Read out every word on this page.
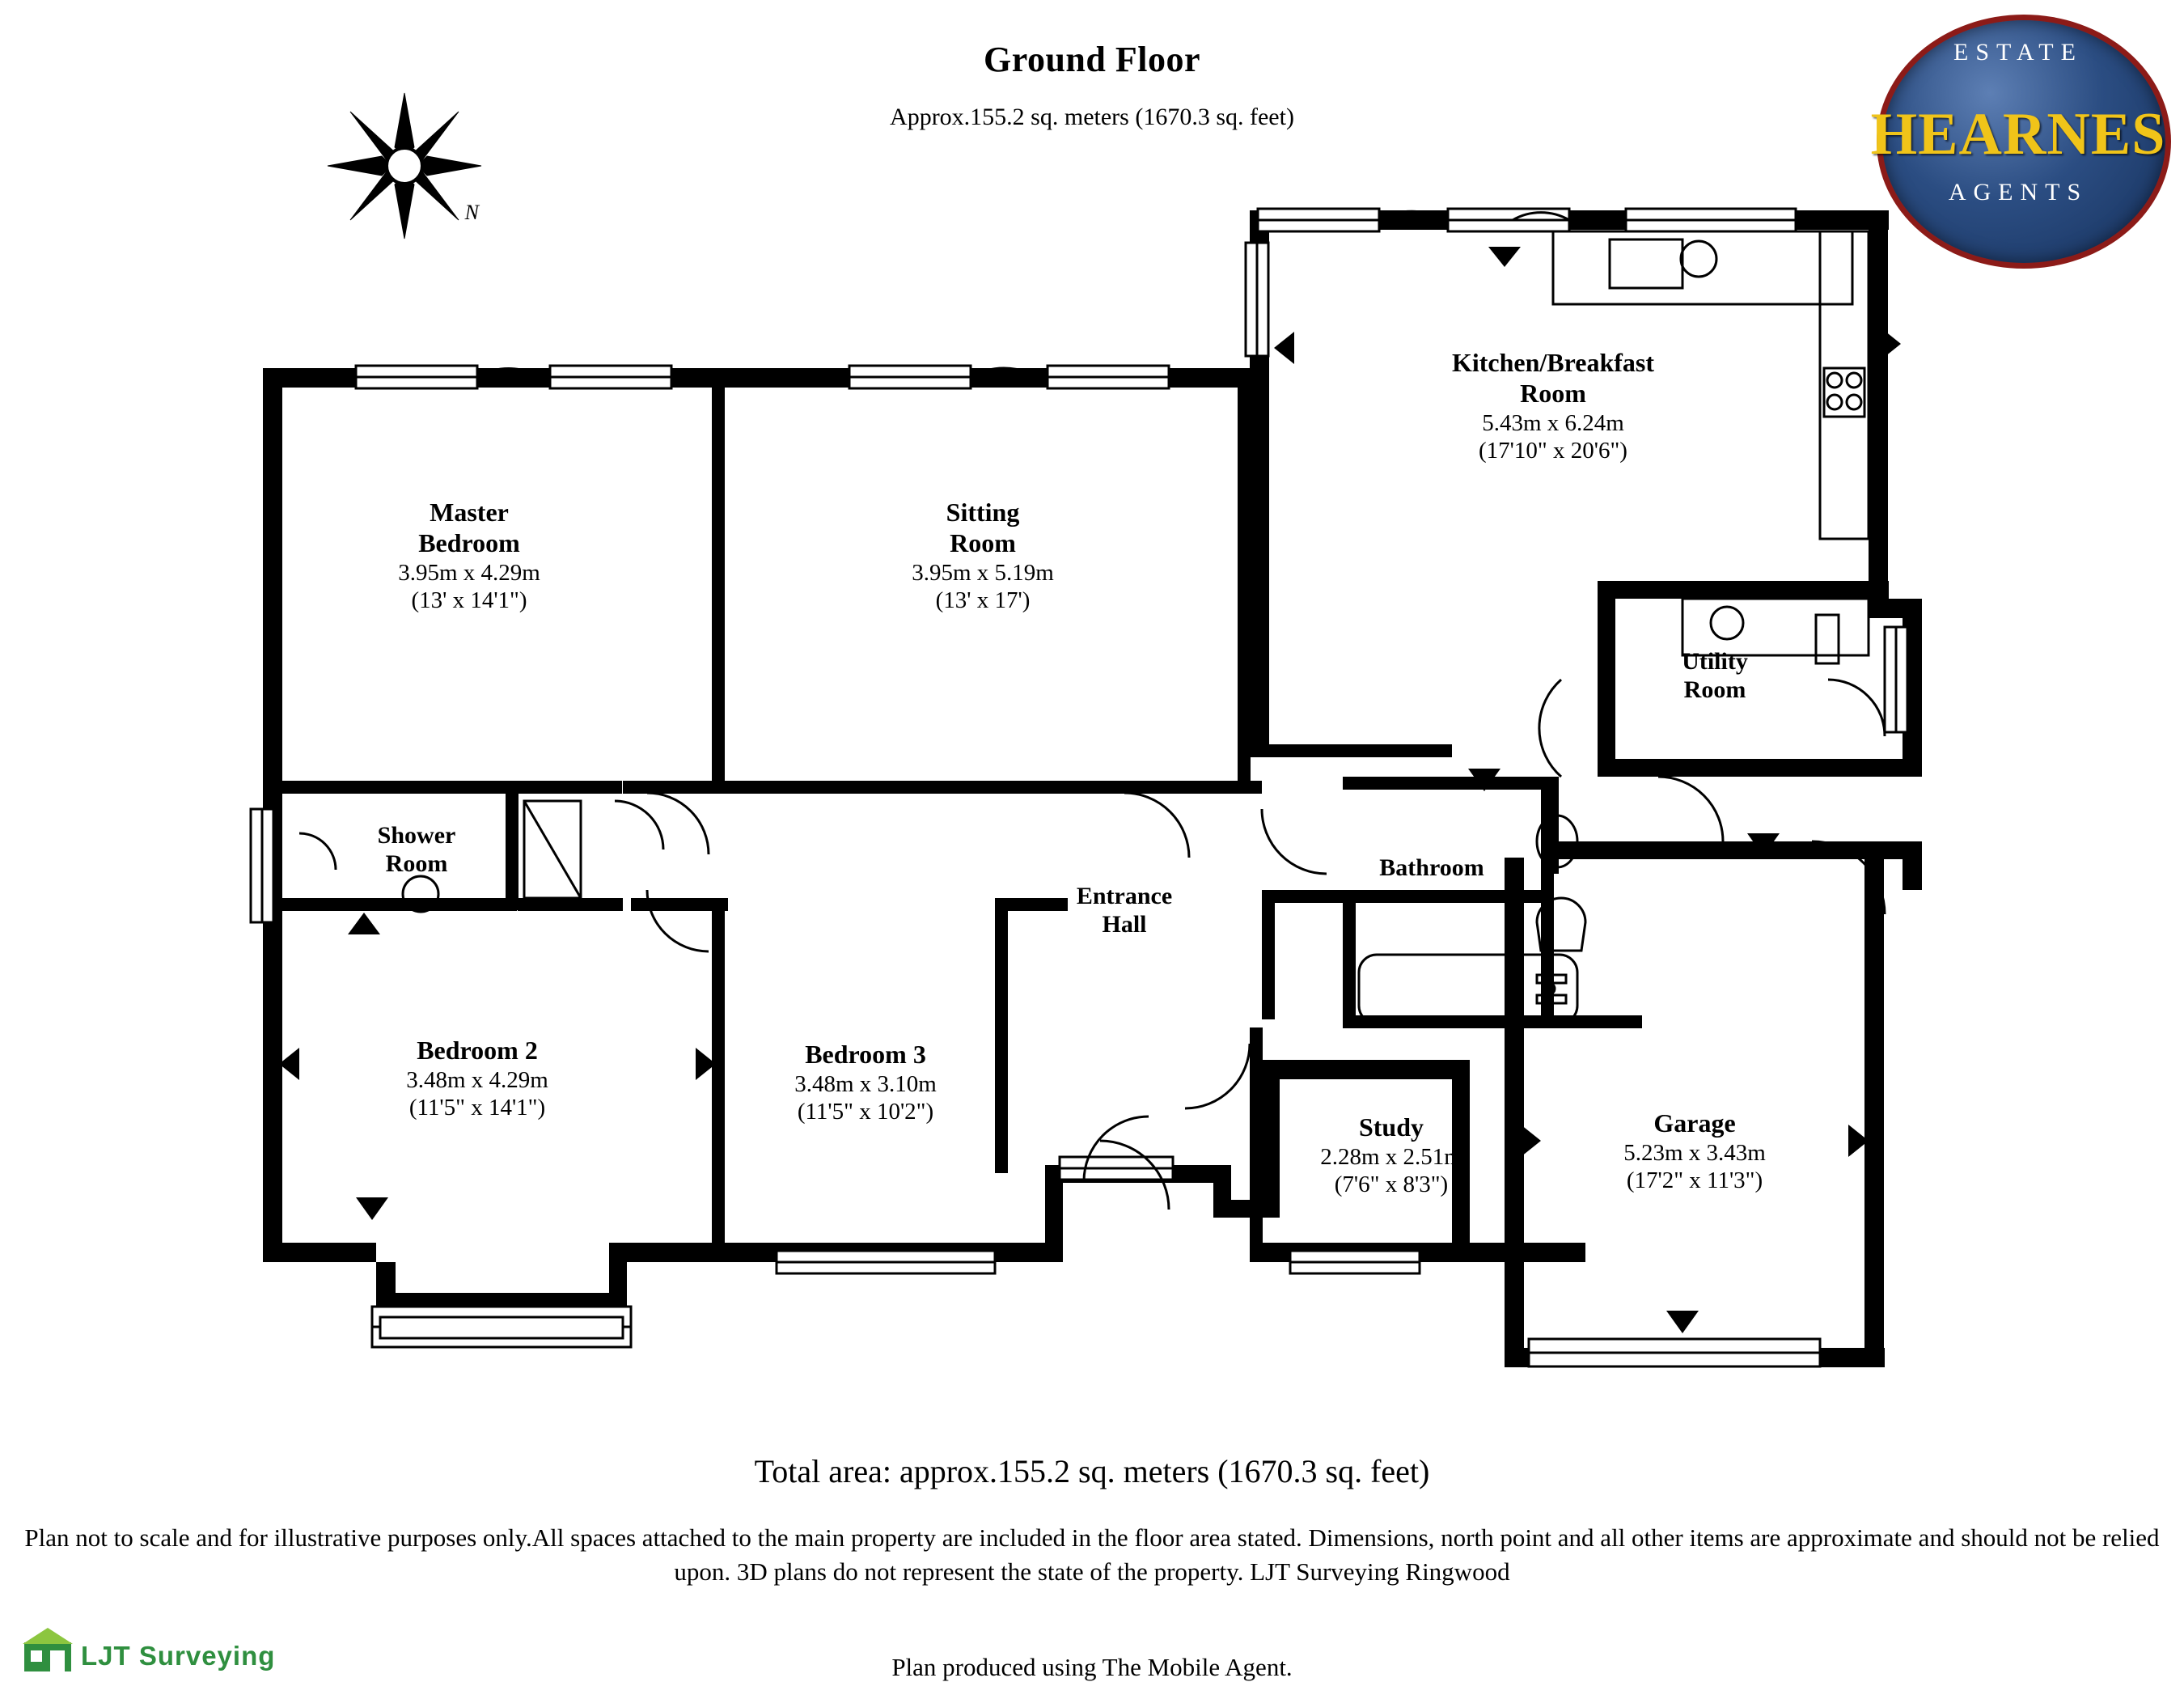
Ground Floor
Approx.155.2 sq. meters (1670.3 sq. feet)
ESTATE
HEARNES
AGENTS
N
Master
Bedroom
3.95m x 4.29m
(13' x 14'1")
Sitting
Room
3.95m x 5.19m
(13' x 17')
Kitchen/Breakfast
Room
5.43m x 6.24m
(17'10" x 20'6")
Utility
Room
Shower
Room	Bathroom
Entrance
Hall
Bedroom 2
3.48m x 4.29m
(11'5" x 14'1")
Bedroom 3
3.48m x 3.10m
(11'5" x 10'2")
Study
2.28m x 2.51m
(7'6" x 8'3")
Garage
5.23m x 3.43m
(17'2" x 11'3")
Total area: approx.155.2 sq. meters (1670.3 sq. feet)
Plan not to scale and for illustrative purposes only.All spaces attached to the main property are included in the floor area stated. Dimensions, north point and all other items are approximate and should not be relied upon. 3D plans do not represent the state of the property. LJT Surveying Ringwood
Plan produced using The Mobile Agent.
LJT Surveying
